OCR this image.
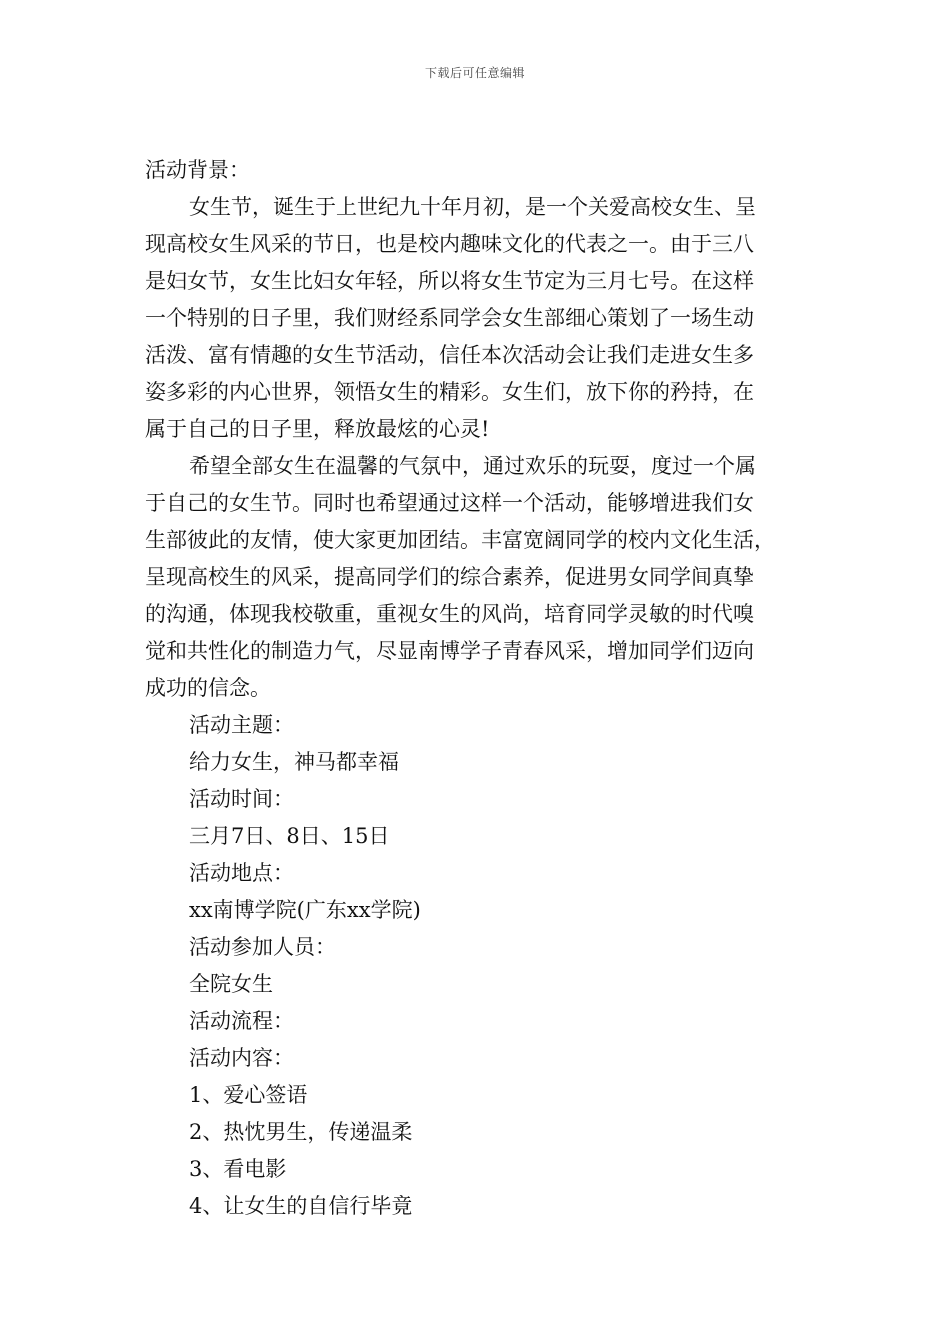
下载后可任意编辑
活动背景：
女生节，诞生于上世纪九十年月初，是一个关爱高校女生、呈
现高校女生风采的节日，也是校内趣味文化的代表之一。由于三八
是妇女节，女生比妇女年轻，所以将女生节定为三月七号。在这样
一个特别的日子里，我们财经系同学会女生部细心策划了一场生动
活泼、富有情趣的女生节活动，信任本次活动会让我们走进女生多
姿多彩的内心世界，领悟女生的精彩。女生们，放下你的矜持，在
属于自己的日子里，释放最炫的心灵!
希望全部女生在温馨的气氛中，通过欢乐的玩耍，度过一个属
于自己的女生节。同时也希望通过这样一个活动，能够增进我们女
生部彼此的友情，使大家更加团结。丰富宽阔同学的校内文化生活，
呈现高校生的风采，提高同学们的综合素养，促进男女同学间真挚
的沟通，体现我校敬重，重视女生的风尚，培育同学灵敏的时代嗅
觉和共性化的制造力气，尽显南博学子青春风采，增加同学们迈向
成功的信念。
活动主题：
给力女生，神马都幸福
活动时间：
三月7日、8日、15日
活动地点：
xx南博学院(广东xx学院)
活动参加人员：
全院女生
活动流程：
活动内容：
1、爱心签语
2、热忱男生，传递温柔
3、看电影
4、让女生的自信行毕竟
